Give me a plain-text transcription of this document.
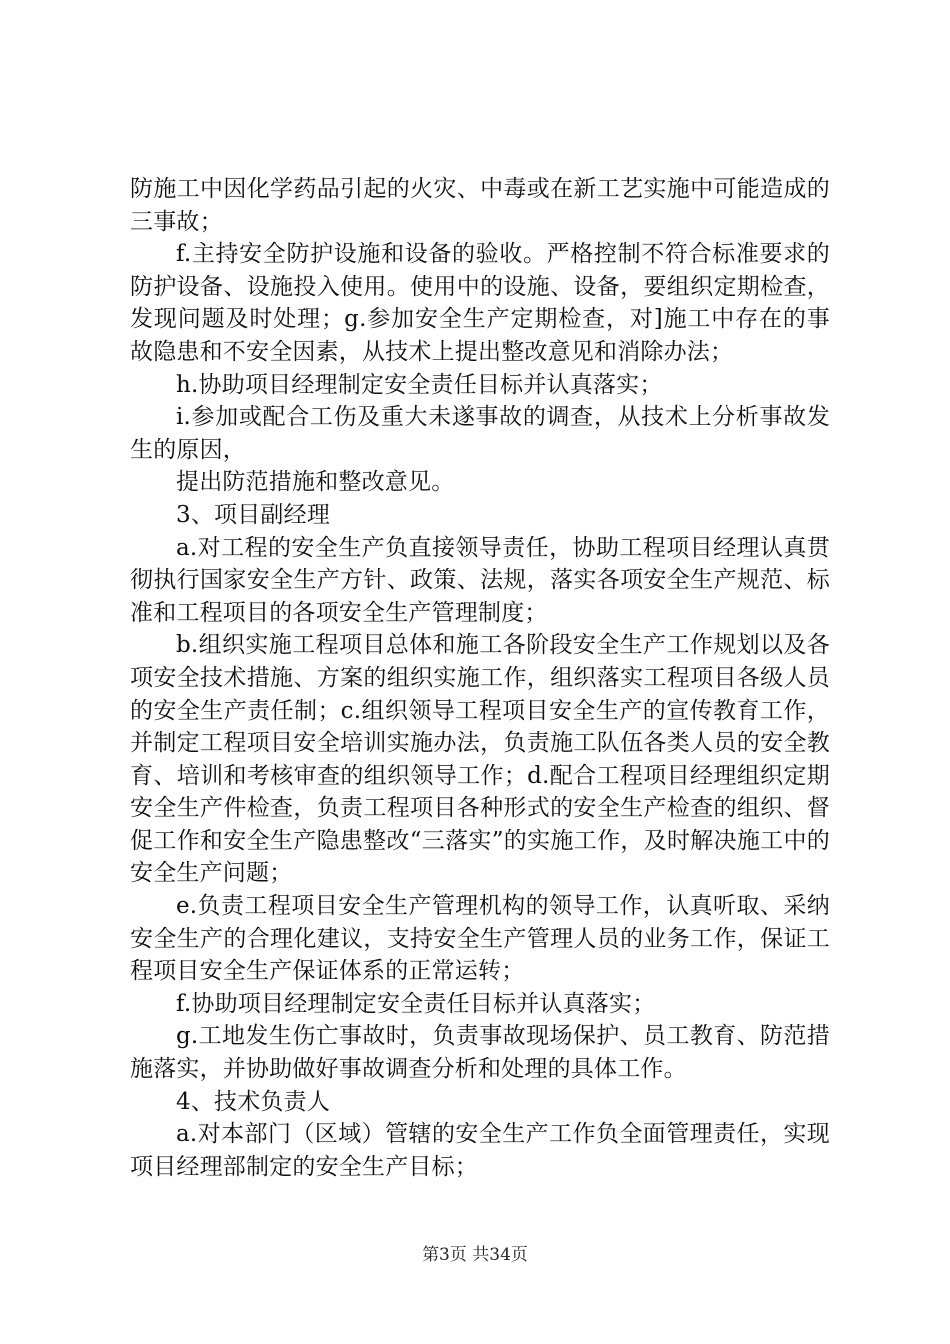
防施工中因化学药品引起的火灾、中毒或在新工艺实施中可能造成的三事故；

f.主持安全防护设施和设备的验收。严格控制不符合标准要求的防护设备、设施投入使用。使用中的设施、设备，要组织定期检查，发现问题及时处理；g.参加安全生产定期检查，对]施工中存在的事故隐患和不安全因素，从技术上提出整改意见和消除办法；

h.协助项目经理制定安全责任目标并认真落实；

i.参加或配合工伤及重大未遂事故的调查，从技术上分析事故发生的原因，

提出防范措施和整改意见。

3、项目副经理

a.对工程的安全生产负直接领导责任，协助工程项目经理认真贯彻执行国家安全生产方针、政策、法规，落实各项安全生产规范、标准和工程项目的各项安全生产管理制度；

b.组织实施工程项目总体和施工各阶段安全生产工作规划以及各项安全技术措施、方案的组织实施工作，组织落实工程项目各级人员的安全生产责任制；c.组织领导工程项目安全生产的宣传教育工作，并制定工程项目安全培训实施办法，负责施工队伍各类人员的安全教育、培训和考核审查的组织领导工作；d.配合工程项目经理组织定期安全生产件检查，负责工程项目各种形式的安全生产检查的组织、督促工作和安全生产隐患整改“三落实”的实施工作，及时解决施工中的安全生产问题；

e.负责工程项目安全生产管理机构的领导工作，认真听取、采纳安全生产的合理化建议，支持安全生产管理人员的业务工作，保证工程项目安全生产保证体系的正常运转；

f.协助项目经理制定安全责任目标并认真落实；

g.工地发生伤亡事故时，负责事故现场保护、员工教育、防范措施落实，并协助做好事故调查分析和处理的具体工作。

4、技术负责人

a.对本部门（区域）管辖的安全生产工作负全面管理责任，实现项目经理部制定的安全生产目标；

第3页 共34页
